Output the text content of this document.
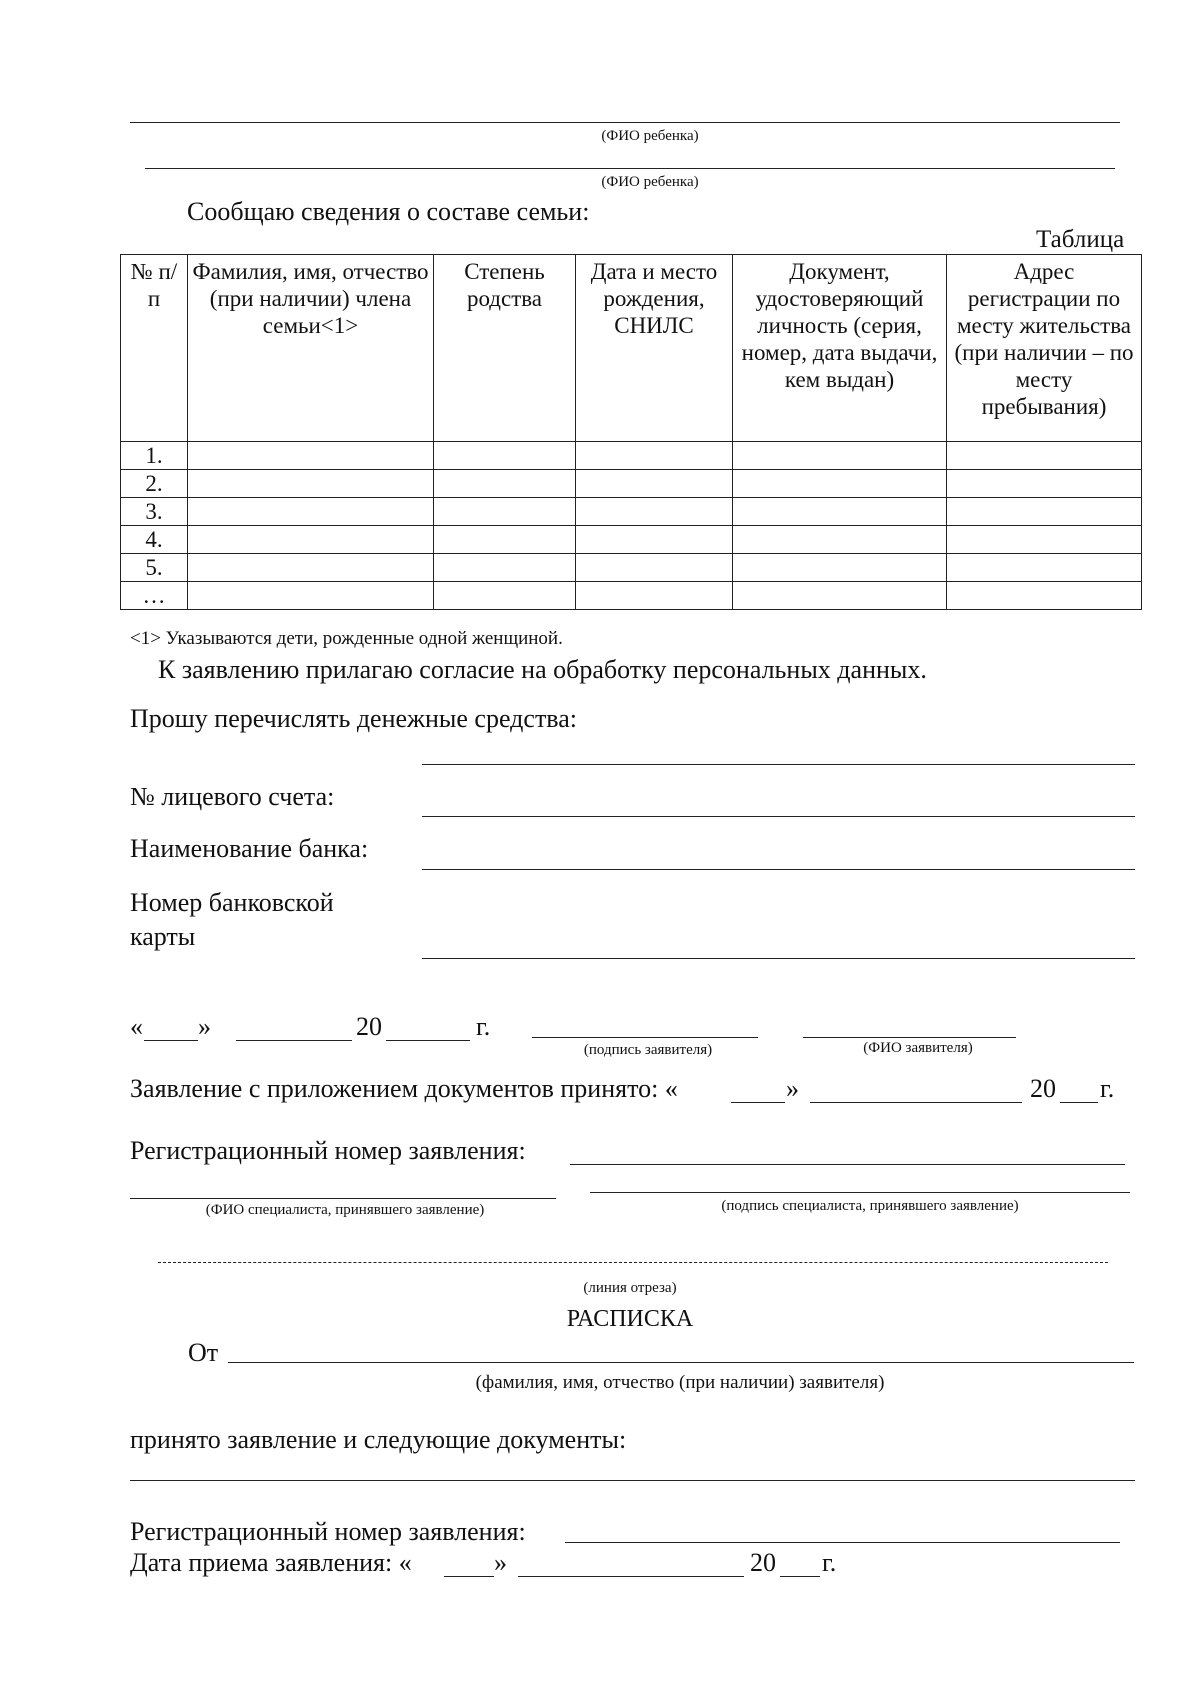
(ФИО ребенка)
(ФИО ребенка)
Сообщаю сведения о составе семьи:
Таблица
№ п/п	Фамилия, имя, отчество (при наличии) члена семьи<1>	Степень родства	Дата и место рождения, СНИЛС	Документ, удостоверяющий личность (серия, номер, дата выдачи, кем выдан)	Адрес регистрации по месту жительства (при наличии – по месту пребывания)
1.					
2.					
3.					
4.					
5.					
…					
<1> Указываются дети, рожденные одной женщиной.
К заявлению прилагаю согласие на обработку персональных данных.
Прошу перечислять денежные средства:
№ лицевого счета:
Наименование банка:
Номер банковской
карты
« »	20	г.
(подпись заявителя)	(ФИО заявителя)
Заявление с приложением документов принято: «	»	20 г.
Регистрационный номер заявления:
(ФИО специалиста, принявшего заявление)	(подпись специалиста, принявшего заявление)
(линия отреза)
РАСПИСКА
От
(фамилия, имя, отчество (при наличии) заявителя)
принято заявление и следующие документы:
Регистрационный номер заявления:
Дата приема заявления: «	»	20 г.
